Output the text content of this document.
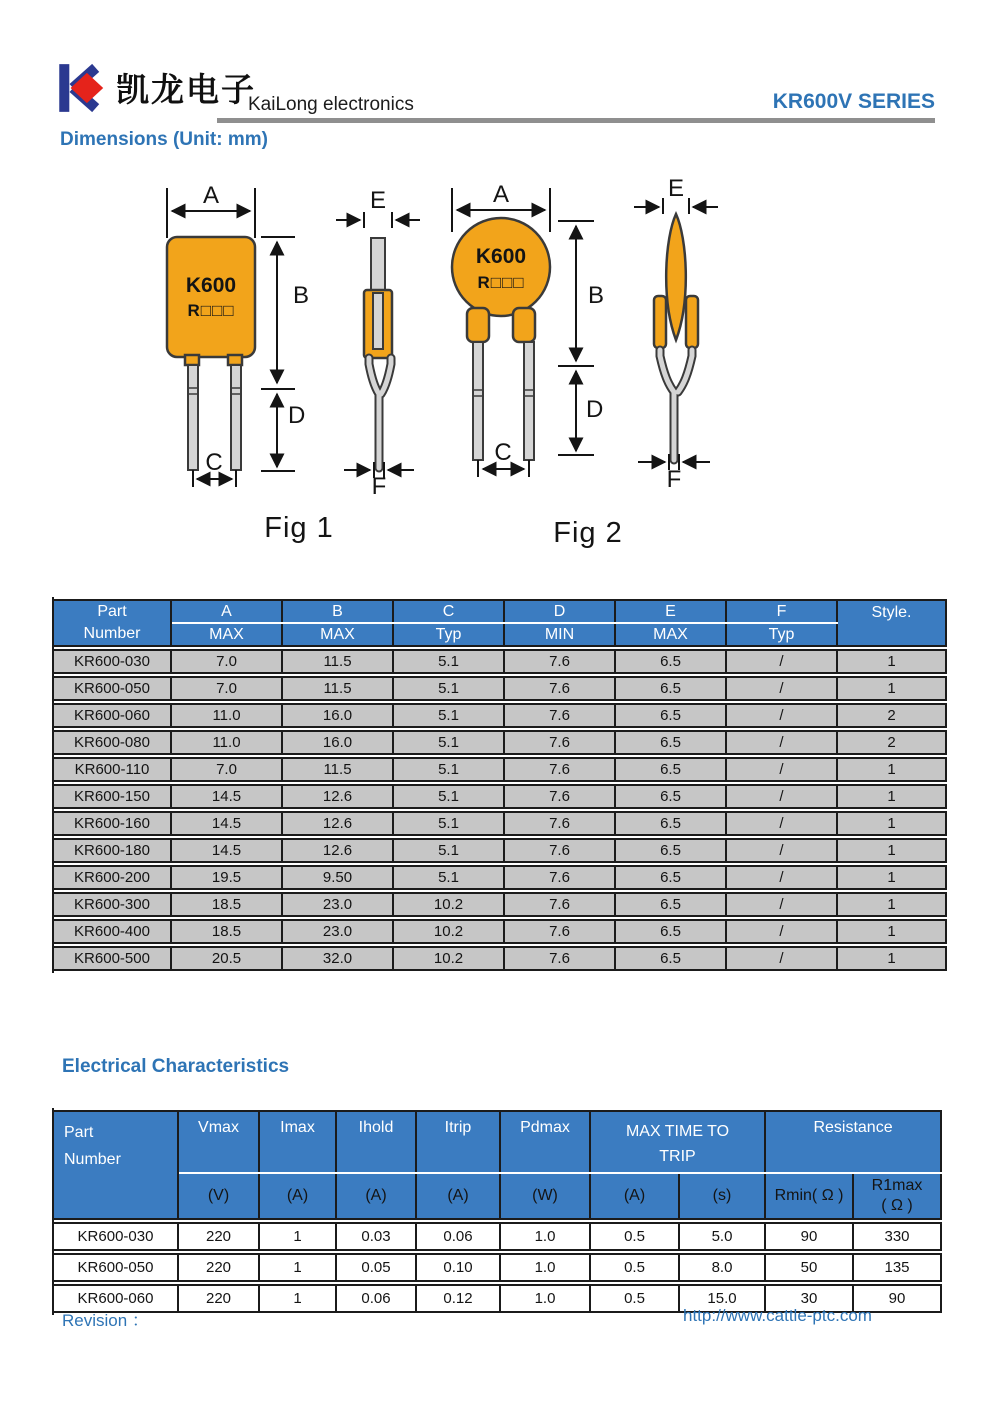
凯龙电子
KaiLong electronics	KR600V SERIES
Dimensions (Unit: mm)
K600
R□□□
A
B
D
C
E
F
Fig 1
K600
R□□□
A
B
D
C
E
F
Fig 2
Part
Number	A	B	C	D	E	F	Style.
	MAX	MAX	Typ	MIN	MAX	Typ	
KR600-030	7.0	11.5	5.1	7.6	6.5	/	1
KR600-050	7.0	11.5	5.1	7.6	6.5	/	1
KR600-060	11.0	16.0	5.1	7.6	6.5	/	2
KR600-080	11.0	16.0	5.1	7.6	6.5	/	2
KR600-110	7.0	11.5	5.1	7.6	6.5	/	1
KR600-150	14.5	12.6	5.1	7.6	6.5	/	1
KR600-160	14.5	12.6	5.1	7.6	6.5	/	1
KR600-180	14.5	12.6	5.1	7.6	6.5	/	1
KR600-200	19.5	9.50	5.1	7.6	6.5	/	1
KR600-300	18.5	23.0	10.2	7.6	6.5	/	1
KR600-400	18.5	23.0	10.2	7.6	6.5	/	1
KR600-500	20.5	32.0	10.2	7.6	6.5	/	1
Electrical Characteristics
Part
Number	Vmax	Imax	Ihold	Itrip	Pdmax	MAX TIME TO
TRIP		Resistance	
	(V)	(A)	(A)	(A)	(W)	(A)	(s)	Rmin( Ω )	R1max
( Ω )

KR600-030	220	1	0.03	0.06	1.0	0.5	5.0	90	330
KR600-050	220	1	0.05	0.10	1.0	0.5	8.0	50	135
KR600-060	220	1	0.06	0.12	1.0	0.5	15.0	30	90
Revision ：	http://www.cattle-ptc.com
